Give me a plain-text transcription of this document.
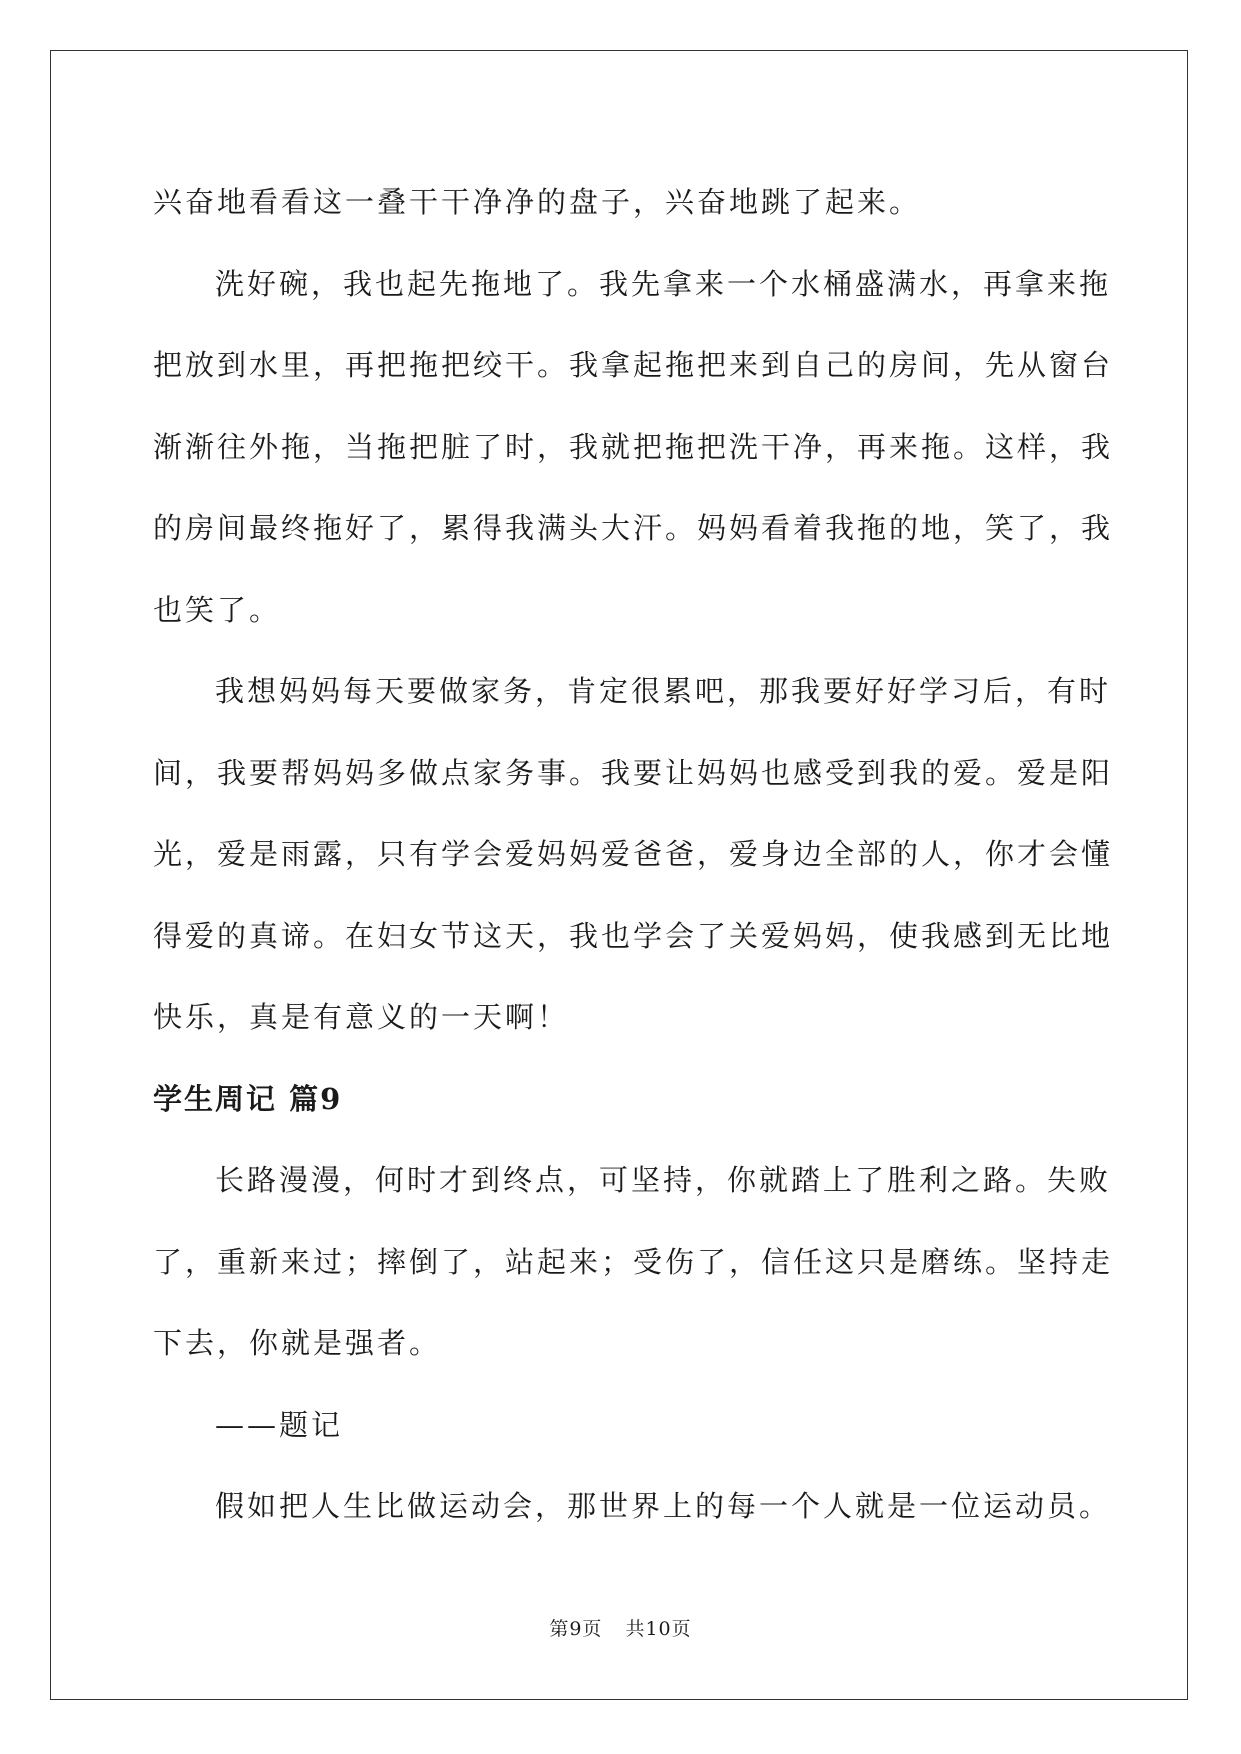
兴奋地看看这一叠干干净净的盘子，兴奋地跳了起来。

洗好碗，我也起先拖地了。我先拿来一个水桶盛满水，再拿来拖
把放到水里，再把拖把绞干。我拿起拖把来到自己的房间，先从窗台
渐渐往外拖，当拖把脏了时，我就把拖把洗干净，再来拖。这样，我
的房间最终拖好了，累得我满头大汗。妈妈看着我拖的地，笑了，我
也笑了。

我想妈妈每天要做家务，肯定很累吧，那我要好好学习后，有时
间，我要帮妈妈多做点家务事。我要让妈妈也感受到我的爱。爱是阳
光，爱是雨露，只有学会爱妈妈爱爸爸，爱身边全部的人，你才会懂
得爱的真谛。在妇女节这天，我也学会了关爱妈妈，使我感到无比地
快乐，真是有意义的一天啊！

学生周记 篇9

长路漫漫，何时才到终点，可坚持，你就踏上了胜利之路。失败
了，重新来过；摔倒了，站起来；受伤了，信任这只是磨练。坚持走
下去，你就是强者。

——题记

假如把人生比做运动会，那世界上的每一个人就是一位运动员。

第9页 共10页
